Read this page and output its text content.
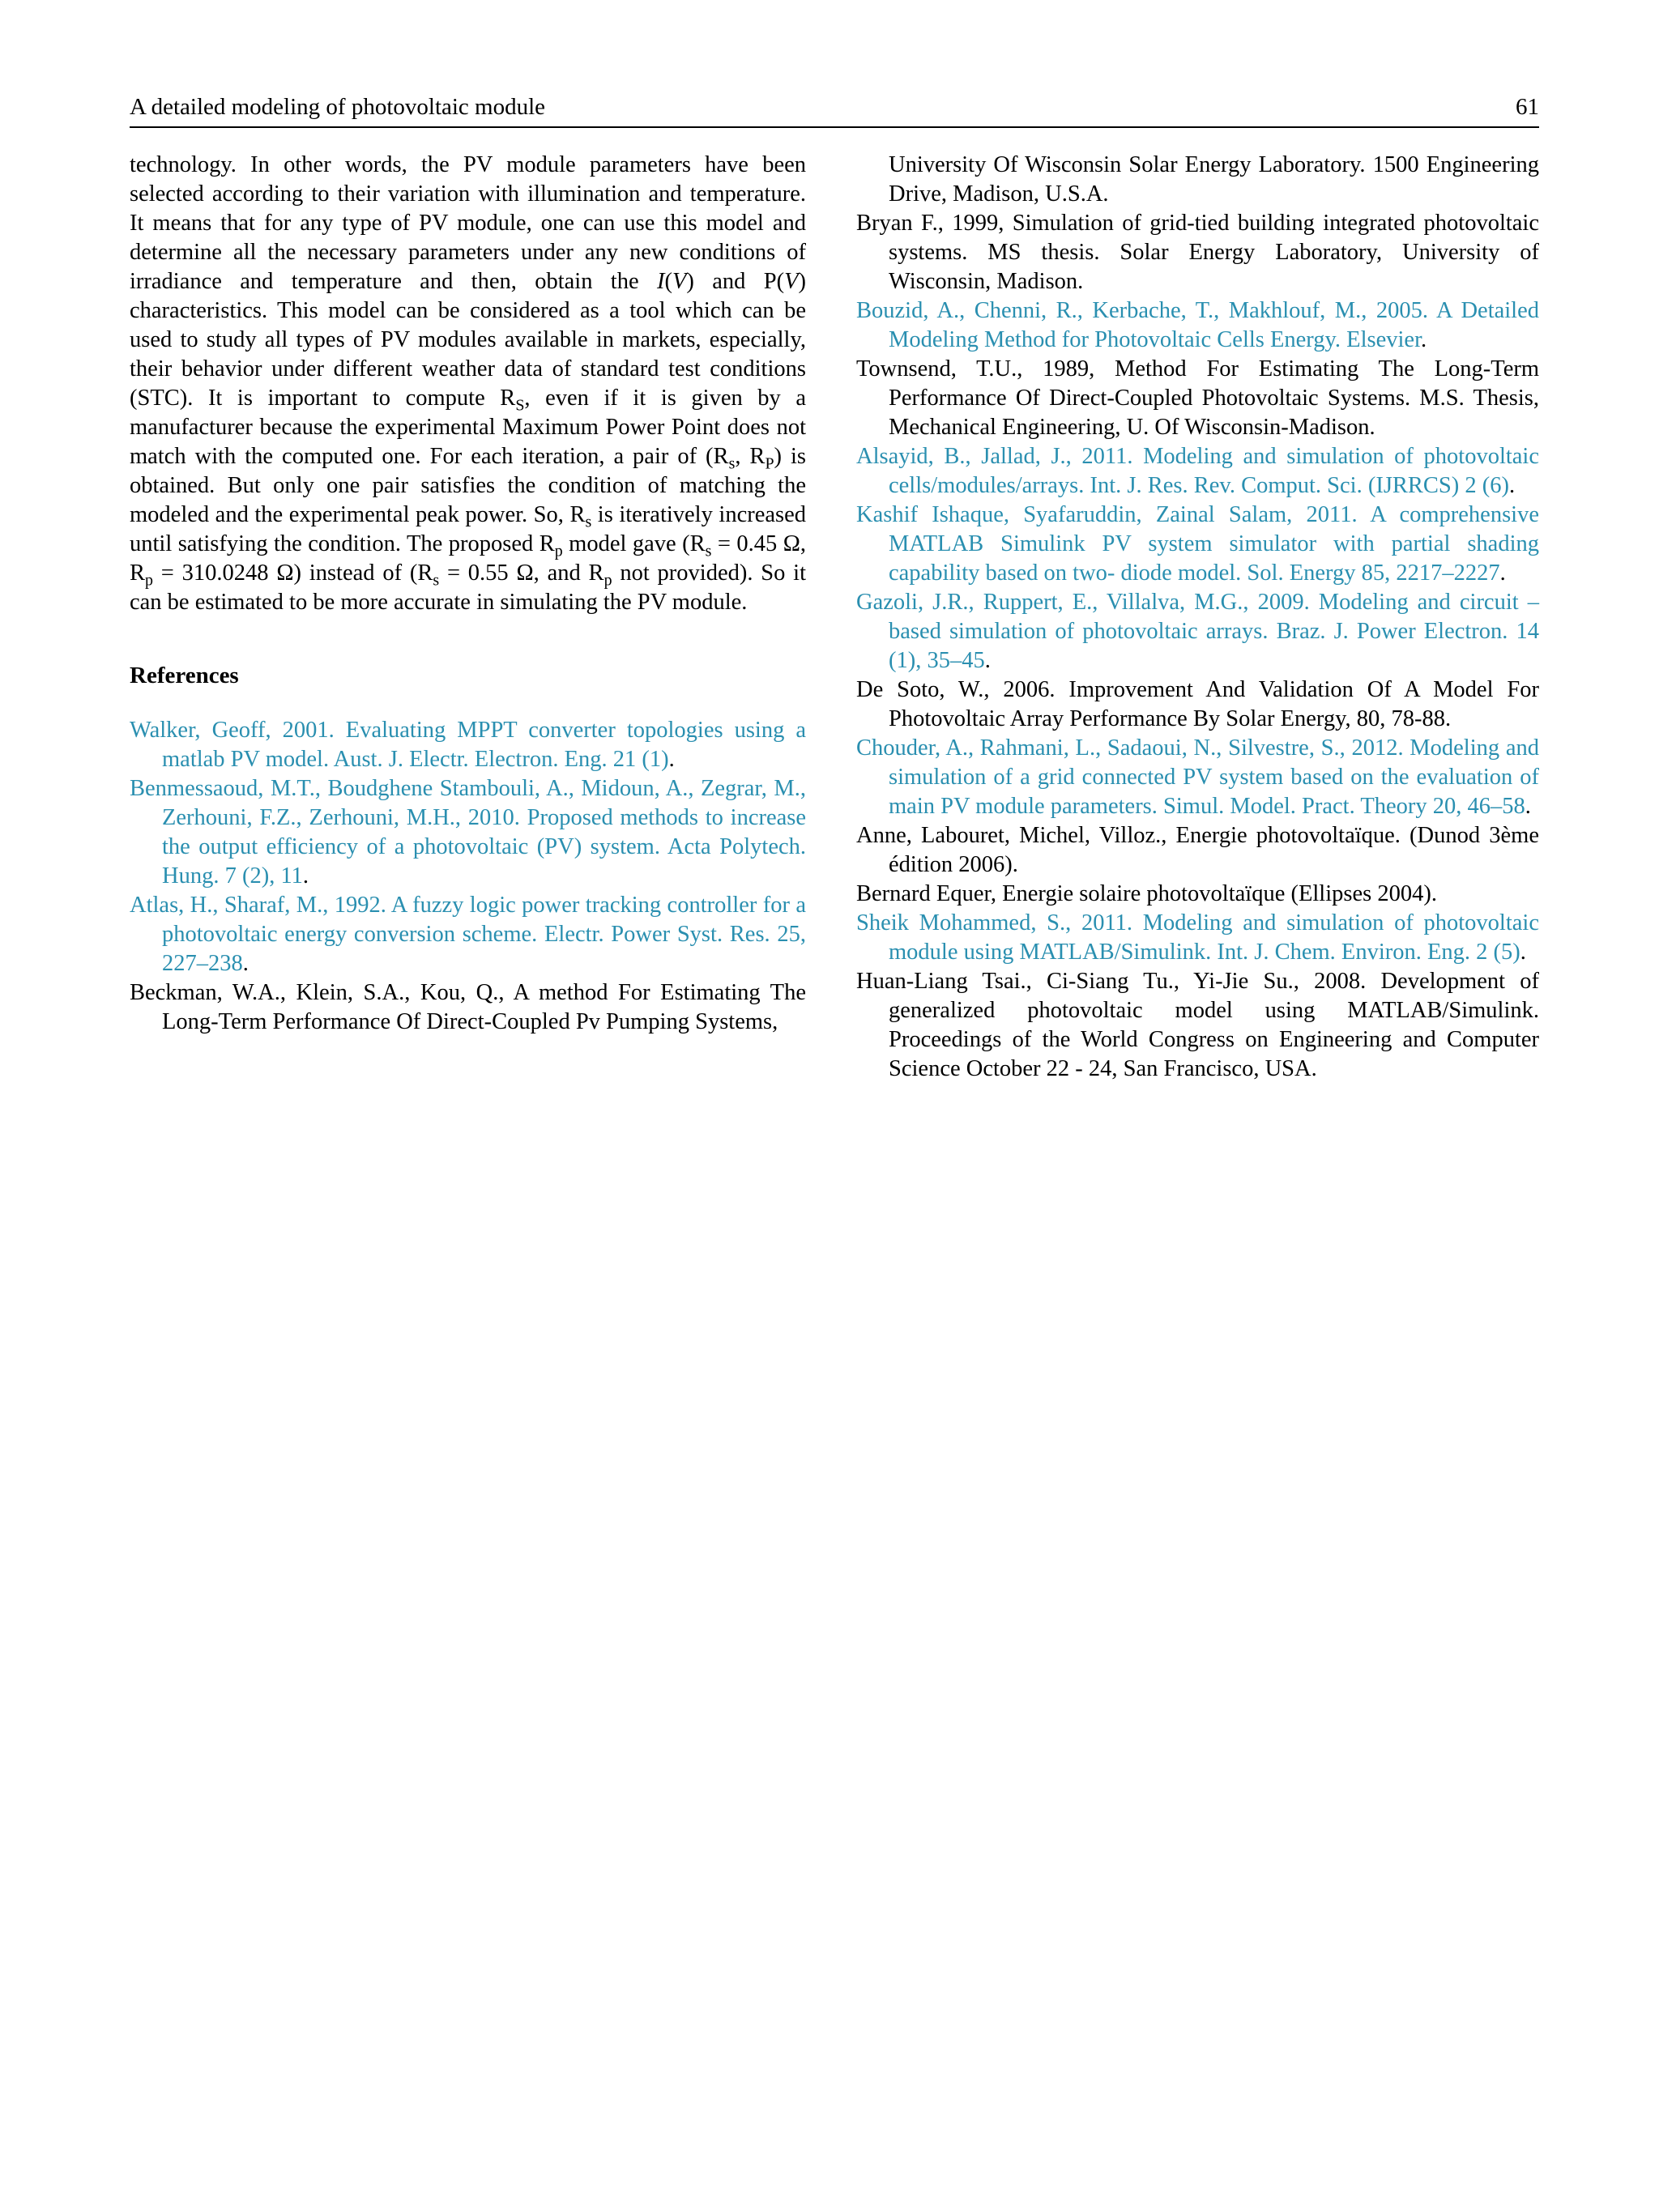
A detailed modeling of photovoltaic module	61

technology. In other words, the PV module parameters have been selected according to their variation with illumination and temperature. It means that for any type of PV module, one can use this model and determine all the necessary parameters under any new conditions of irradiance and temperature and then, obtain the I(V) and P(V) characteristics. This model can be considered as a tool which can be used to study all types of PV modules available in markets, especially, their behavior under different weather data of standard test conditions (STC). It is important to compute $R_S$, even if it is given by a manufacturer because the experimental Maximum Power Point does not match with the computed one. For each iteration, a pair of ($R_s$, $R_P$) is obtained. But only one pair satisfies the condition of matching the modeled and the experimental peak power. So, $R_s$ is iteratively increased until satisfying the condition. The proposed $R_p$ model gave ($R_s = 0.45$ Ω, $R_p = 310.0248$ Ω) instead of ($R_s = 0.55$ Ω, and $R_p$ not provided). So it can be estimated to be more accurate in simulating the PV module.

References

Walker, Geoff, 2001. Evaluating MPPT converter topologies using a matlab PV model. Aust. J. Electr. Electron. Eng. 21 (1).

Benmessaoud, M.T., Boudghene Stambouli, A., Midoun, A., Zegrar, M., Zerhouni, F.Z., Zerhouni, M.H., 2010. Proposed methods to increase the output efficiency of a photovoltaic (PV) system. Acta Polytech. Hung. 7 (2), 11.

Atlas, H., Sharaf, M., 1992. A fuzzy logic power tracking controller for a photovoltaic energy conversion scheme. Electr. Power Syst. Res. 25, 227–238.

Beckman, W.A., Klein, S.A., Kou, Q., A method For Estimating The Long-Term Performance Of Direct-Coupled Pv Pumping Systems,

University Of Wisconsin Solar Energy Laboratory. 1500 Engineering Drive, Madison, U.S.A.

Bryan F., 1999, Simulation of grid-tied building integrated photovoltaic systems. MS thesis. Solar Energy Laboratory, University of Wisconsin, Madison.

Bouzid, A., Chenni, R., Kerbache, T., Makhlouf, M., 2005. A Detailed Modeling Method for Photovoltaic Cells Energy. Elsevier.

Townsend, T.U., 1989, Method For Estimating The Long-Term Performance Of Direct-Coupled Photovoltaic Systems. M.S. Thesis, Mechanical Engineering, U. Of Wisconsin-Madison.

Alsayid, B., Jallad, J., 2011. Modeling and simulation of photovoltaic cells/modules/arrays. Int. J. Res. Rev. Comput. Sci. (IJRRCS) 2 (6).

Kashif Ishaque, Syafaruddin, Zainal Salam, 2011. A comprehensive MATLAB Simulink PV system simulator with partial shading capability based on two- diode model. Sol. Energy 85, 2217–2227.

Gazoli, J.R., Ruppert, E., Villalva, M.G., 2009. Modeling and circuit – based simulation of photovoltaic arrays. Braz. J. Power Electron. 14 (1), 35–45.

De Soto, W., 2006. Improvement And Validation Of A Model For Photovoltaic Array Performance By Solar Energy, 80, 78-88.

Chouder, A., Rahmani, L., Sadaoui, N., Silvestre, S., 2012. Modeling and simulation of a grid connected PV system based on the evaluation of main PV module parameters. Simul. Model. Pract. Theory 20, 46–58.

Anne, Labouret, Michel, Villoz., Energie photovoltaïque. (Dunod 3ème édition 2006).

Bernard Equer, Energie solaire photovoltaïque (Ellipses 2004).

Sheik Mohammed, S., 2011. Modeling and simulation of photovoltaic module using MATLAB/Simulink. Int. J. Chem. Environ. Eng. 2 (5).

Huan-Liang Tsai., Ci-Siang Tu., Yi-Jie Su., 2008. Development of generalized photovoltaic model using MATLAB/Simulink. Proceedings of the World Congress on Engineering and Computer Science October 22 - 24, San Francisco, USA.
